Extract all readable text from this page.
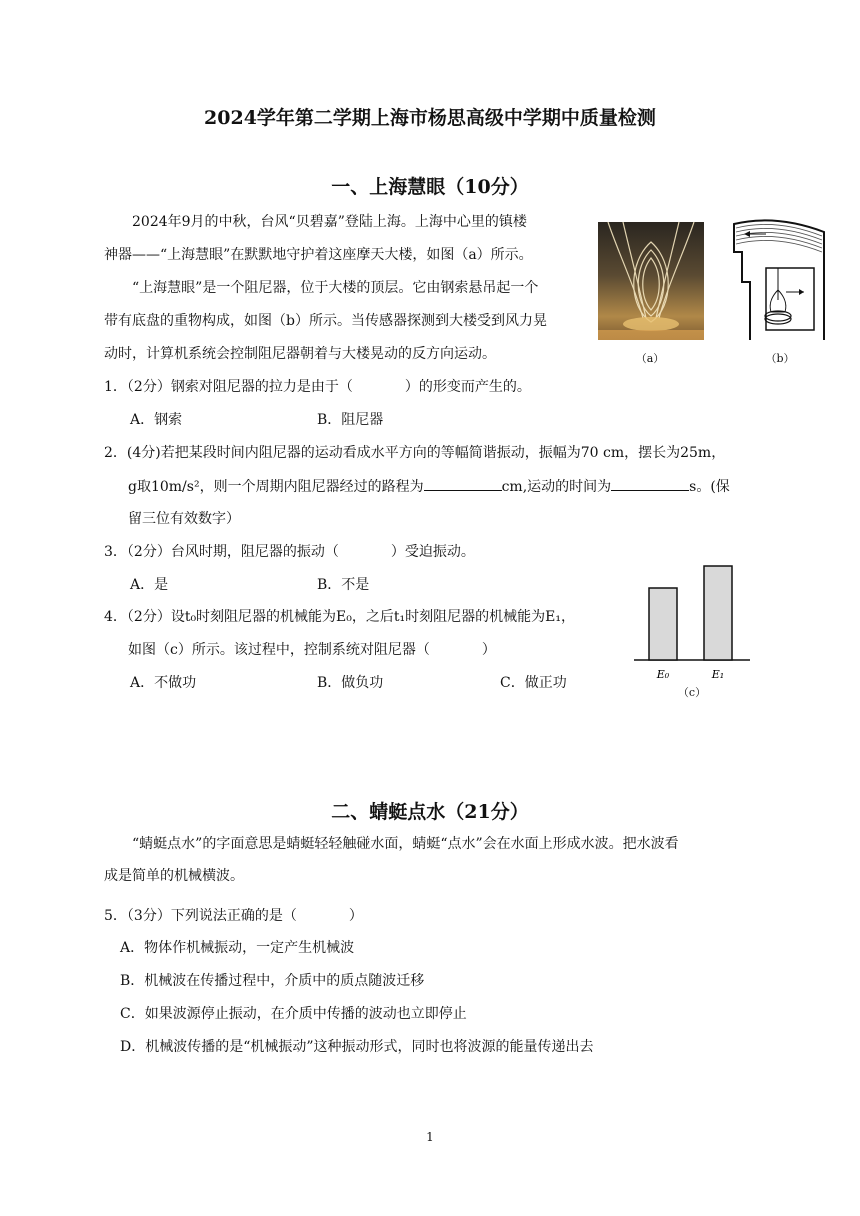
2024学年第二学期上海市杨思高级中学期中质量检测
一、上海慧眼（10分）
2024年9月的中秋，台风“贝碧嘉”登陆上海。上海中心里的镇楼
神器——“上海慧眼”在默默地守护着这座摩天大楼，如图（a）所示。
“上海慧眼”是一个阻尼器，位于大楼的顶层。它由钢索悬吊起一个
带有底盘的重物构成，如图（b）所示。当传感器探测到大楼受到风力晃
动时，计算机系统会控制阻尼器朝着与大楼晃动的反方向运动。	（a）	（b）
1．（2分）钢索对阻尼器的拉力是由于（	）的形变而产生的。
A．钢索	B．阻尼器
2．(4分)若把某段时间内阻尼器的运动看成水平方向的等幅简谐振动，振幅为70 cm，摆长为25m，
g取10m/s²，则一个周期内阻尼器经过的路程为	cm,运动的时间为	s。(保
留三位有效数字）
3．（2分）台风时期，阻尼器的振动（	）受迫振动。
A．是	B．不是
4．（2分）设t₀时刻阻尼器的机械能为E₀，之后t₁时刻阻尼器的机械能为E₁，
如图（c）所示。该过程中，控制系统对阻尼器（	）
A．不做功	B．做负功	C．做正功
E₀	E₁
（c）
二、蜻蜓点水（21分）
“蜻蜓点水”的字面意思是蜻蜓轻轻触碰水面，蜻蜓“点水”会在水面上形成水波。把水波看
成是简单的机械横波。
5．（3分）下列说法正确的是（	）
A．物体作机械振动，一定产生机械波
B．机械波在传播过程中，介质中的质点随波迁移
C．如果波源停止振动，在介质中传播的波动也立即停止
D．机械波传播的是“机械振动”这种振动形式，同时也将波源的能量传递出去
1
